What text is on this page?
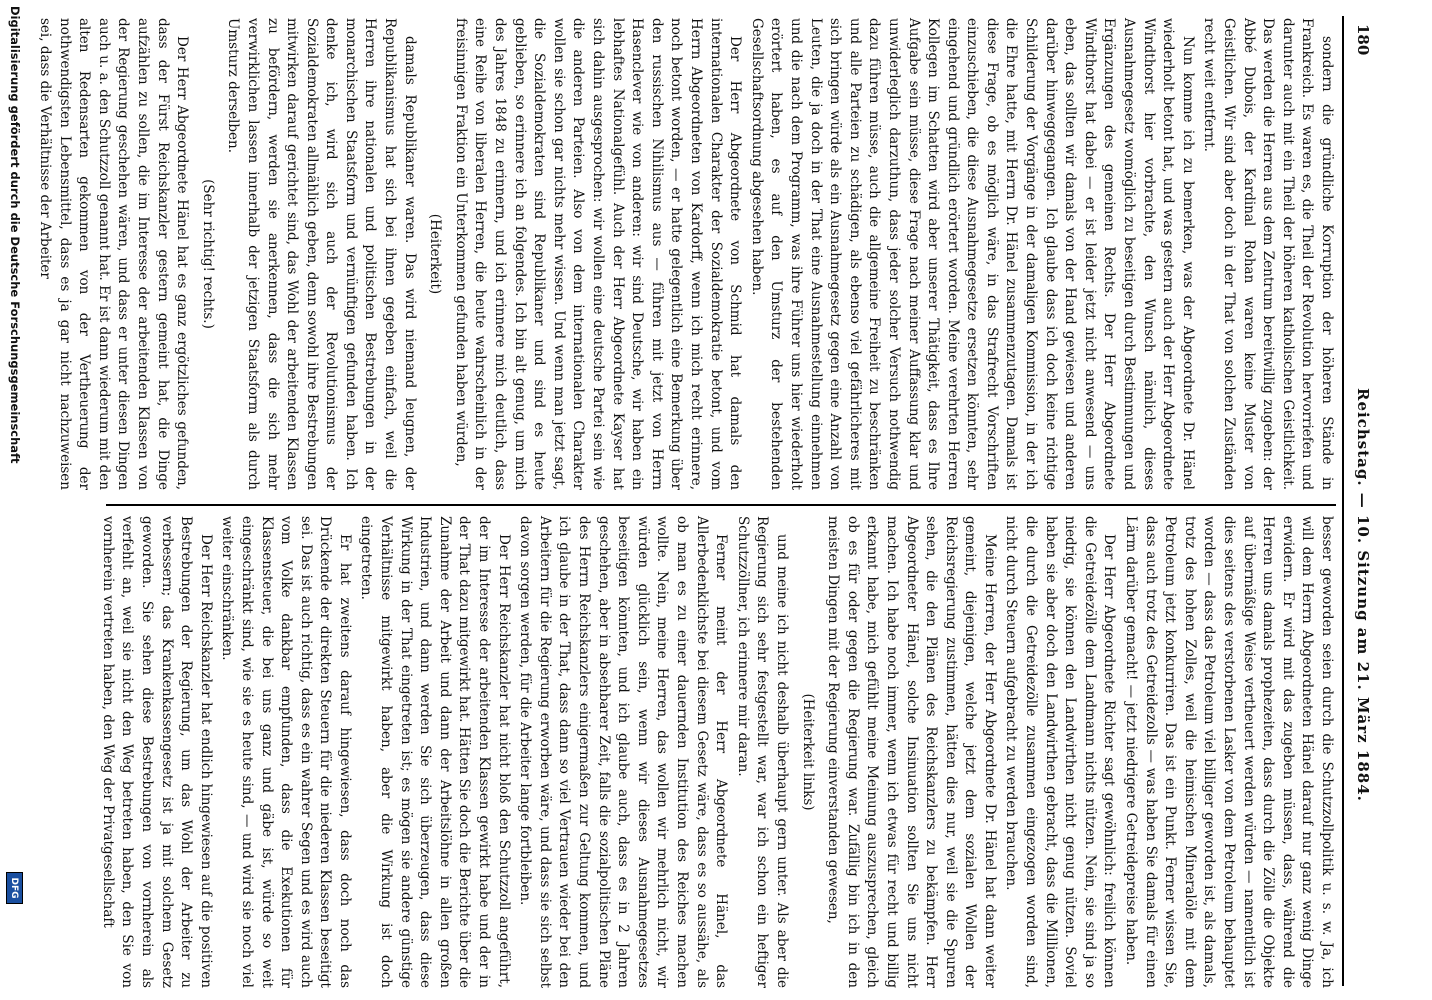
180
Reichstag. — 10. Sitzung am 21. März 1884.

sondern die gründliche Korruption der höheren Stände in Frankreich. Es waren es, die Theil der Revolution hervorriefen und darunter auch mit ein Theil der höheren katholischen Geistlichkeit. Das werden die Herren aus dem Zentrum bereitwillig zugeben: der Abbé Dubois, der Kardinal Rohan waren keine Muster von Geistlichen. Wir sind aber doch in der That von solchen Zuständen recht weit entfernt.

Nun komme ich zu bemerken, was der Abgeordnete Dr. Hänel wiederholt betont hat, und was gestern auch der Herr Abgeordnete Windthorst hier vorbrachte, den Wunsch nämlich, dieses Ausnahmegesetz womöglich zu beseitigen durch Bestimmungen und Ergänzungen des gemeinen Rechts. Der Herr Abgeordnete Windthorst hat dabei — er ist leider jetzt nicht anwesend — uns eben, das sollten wir damals von der Hand gewiesen und anderen darüber hinweggegangen. Ich glaube dass ich doch keine richtige Schilderung der Vorgänge in der damaligen Kommission, in der ich die Ehre hatte, mit Herrn Dr. Hänel zusammenzutagen. Damals ist diese Frage, ob es möglich wäre, in das Strafrecht Vorschriften einzuschieben, die diese Ausnahmegesetze ersetzen könnten, sehr eingehend und gründlich erörtert worden. Meine verehrten Herren Kollegen im Schatten wird aber unserer Thätigkeit, dass es Ihre Aufgabe sein müsse, diese Frage nach meiner Auffassung klar und unwiderleglich darzuthun, dass jeder solcher Versuch nothwendig dazu führen müsse, auch die allgemeine Freiheit zu beschränken und alle Parteien zu schädigen, als ebenso viel gefährlicheres mit sich bringen würde als ein Ausnahmegesetz gegen eine Anzahl von Leuten, die ja doch in der That eine Ausnahmestellung einnehmen und die nach dem Programm, was ihre Führer uns hier wiederholt erörtert haben, es auf den Umsturz der bestehenden Gesellschaftsordnung abgesehen haben.

Der Herr Abgeordnete von Schmid hat damals den internationalen Charakter der Sozialdemokratie betont, und vom Herrn Abgeordneten von Kardorff, wenn ich mich recht erinnere, noch betont worden, — er hatte gelegentlich eine Bemerkung über den russischen Nihilismus aus — führen mit jetzt von Herrn Hasenclever wie von anderen: wir sind Deutsche, wir haben ein lebhaftes Nationalgefühl. Auch der Herr Abgeordnete Kayser hat sich dahin ausgesprochen: wir wollen eine deutsche Partei sein wie die anderen Parteien. Also von dem internationalen Charakter wollen sie schon gar nichts mehr wissen. Und wenn man jetzt sagt, die Sozialdemokraten sind Republikaner und sind es heute geblieben, so erinnere ich an folgendes. Ich bin alt genug, um mich des Jahres 1848 zu erinnern, und ich erinnere mich deutlich, dass eine Reihe von liberalen Herren, die heute wahrscheinlich in der freisinnigen Fraktion ein Unterkommen gefunden haben würden,

(Heiterkeit)

damals Republikaner waren. Das wird niemand leugnen, der Republikanismus hat sich bei ihnen gegeben einfach, weil die Herren ihre nationalen und politischen Bestrebungen in der monarchischen Staatsform und vernünftigen gefunden haben. Ich denke ich, wird sich auch der Revolutionismus der Sozialdemokraten allmählich geben, denn sowohl ihre Bestrebungen mitwirken darauf gerichtet sind, das Wohl der arbeitenden Klassen zu befördern, werden sie anerkennen, dass die sich mehr verwirklichen lassen innerhalb der jetzigen Staatsform als durch Umsturz derselben.

(Sehr richtig! rechts.)

Der Herr Abgeordnete Hänel hat es ganz ergötzliches gefunden, dass der Fürst Reichskanzler gestern gemeint hat, die Dinge aufzählen zu sollen, die im Interesse der arbeitenden Klassen von der Regierung geschehen wären, und dass er unter diesen Dingen auch u. a. den Schutzzoll genannt hat. Er ist dann wiederum mit den alten Redensarten gekommen von der Vertheuerung der nothwendigsten Lebensmittel, dass es ja gar nicht nachzuweisen sei, dass die Verhältnisse der Arbeiter

besser geworden seien durch die Schutzzollpolitik u. s. w. Ja, ich will dem Herrn Abgeordneten Hänel darauf nur ganz wenig Dinge erwidern. Er wird mit das zugeben müssen, dass, während die Herren uns damals prophezeiten, dass durch die Zölle die Objekte auf übermäßige Weise vertheuert werden würden — namentlich ist dies seitens des verstorbenen Lasker von dem Petroleum behauptet worden — dass das Petroleum viel billiger geworden ist, als damals, trotz des hohen Zolles, weil die heimischen Mineralöle mit dem Petroleum jetzt konkurriren. Das ist ein Punkt. Ferner wissen Sie, dass auch trotz des Getreidezolls — was haben Sie damals für einen Lärm darüber gemacht! — jetzt niedrigere Getreidepreise haben.

Der Herr Abgeordnete Richter sagt gewöhnlich: freilich können die Getreidezölle dem Landmann nichts nützen. Nein, sie sind ja so niedrig, sie können den Landwirthen nicht genug nützen. Soviel haben sie aber doch den Landwirthen gebracht, dass die Millionen, die durch die Getreidezölle zusammen eingezogen worden sind, nicht durch Steuern aufgebracht zu werden brauchen.

Meine Herren, der Herr Abgeordnete Dr. Hänel hat dann weiter gemeint, diejenigen, welche jetzt dem sozialen Wollen der Reichsregierung zustimmen, hätten dies nur, weil sie die Spuren sehen, die den Plänen des Reichskanzlers zu bekämpfen. Herr Abgeordneter Hänel, solche Insinuation sollten Sie uns nicht machen. Ich habe noch immer, wenn ich etwas für recht und billig erkannt habe, mich gefühlt meine Meinung auszusprechen, gleich ob es für oder gegen die Regierung war. Zufällig bin ich in den meisten Dingen mit der Regierung einverstanden gewesen,

(Heiterkeit links)

und meine ich nicht deshalb überhaupt gern unter. Als aber die Regierung sich sehr festgestellt war, war ich schon ein heftiger Schutzzöllner, ich erinnere mir daran.

Ferner meint der Herr Abgeordnete Hänel, das Allerbedenklichste bei diesem Gesetz wäre, dass es so aussähe, als ob man es zu einer dauernden Institution des Reiches machen wollte. Nein, meine Herren, das wollen wir mehrlich nicht, wir würden glücklich sein, wenn wir dieses Ausnahmegesetzes beseitigen könnten, und ich glaube auch, dass es in 2 Jahren geschehen, aber in absehbarer Zeit, falls die sozialpolitischen Pläne des Herrn Reichskanzlers einigermaßen zur Geltung kommen, und ich glaube in der That, dass dann so viel Vertrauen wieder bei den Arbeitern für die Regierung erworben wäre, und dass sie sich selbst davon sorgen werden, für die Arbeiter lange fortbleiben.

Der Herr Reichskanzler hat nicht bloß den Schutzzoll angeführt, der im Interesse der arbeitenden Klassen gewirkt habe und der in der That dazu mitgewirkt hat. Hätten Sie doch die Berichte über die Zunahme der Arbeit und dann der Arbeitslöhne in allen großen Industrien, und dann werden Sie sich überzeugen, dass diese Wirkung in der That eingetreten ist; es mögen sie andere günstige Verhältnisse mitgewirkt haben, aber die Wirkung ist doch eingetreten.

Er hat zweitens darauf hingewiesen, dass doch noch das Drückende der direkten Steuern für die niederen Klassen beseitigt sei. Das ist auch richtig, dass es ein wahrer Segen und es wird auch vom Volke dankbar empfunden, dass die Exekutionen für Klassensteuer, die bei uns ganz und gäbe ist, würde so weit eingeschränkt sind, wie sie es heute sind, — und wird sie noch viel weiter einschränken.

Der Herr Reichskanzler hat endlich hingewiesen auf die positiven Bestrebungen der Regierung, um das Wohl der Arbeiter zu verbessern; das Krankenkassengesetz ist ja mit solchem Gesetz geworden. Sie sehen diese Bestrebungen von vornherein als verfehlt an, weil sie nicht den Weg betreten haben, den Sie von vornherein vertreten haben, den Weg der Privatgesellschaft

Digitalisierung gefördert durch die Deutsche Forschungsgemeinschaft
DFG
